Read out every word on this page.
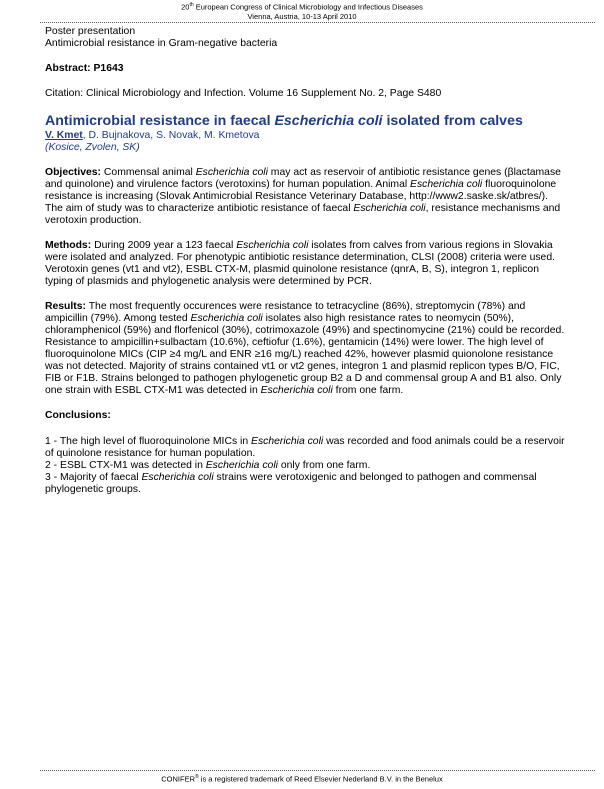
20th European Congress of Clinical Microbiology and Infectious Diseases
Vienna, Austria, 10-13 April 2010

Poster presentation

Antimicrobial resistance in Gram-negative bacteria

Abstract: P1643

Citation: Clinical Microbiology and Infection. Volume 16 Supplement No. 2, Page S480

Antimicrobial resistance in faecal Escherichia coli isolated from calves

V. Kmet, D. Bujnakova, S. Novak, M. Kmetova

(Kosice, Zvolen, SK)

Objectives: Commensal animal Escherichia coli may act as reservoir of antibiotic resistance genes (βlactamase and quinolone) and virulence factors (verotoxins) for human population. Animal Escherichia coli fluoroquinolone resistance is increasing (Slovak Antimicrobial Resistance Veterinary Database, http://www2.saske.sk/atbres/). The aim of study was to characterize antibiotic resistance of faecal Escherichia coli, resistance mechanisms and verotoxin production.

Methods: During 2009 year a 123 faecal Escherichia coli isolates from calves from various regions in Slovakia were isolated and analyzed. For phenotypic antibiotic resistance determination, CLSI (2008) criteria were used. Verotoxin genes (vt1 and vt2), ESBL CTX-M, plasmid quinolone resistance (qnrA, B, S), integron 1, replicon typing of plasmids and phylogenetic analysis were determined by PCR.

Results: The most frequently occurences were resistance to tetracycline (86%), streptomycin (78%) and ampicillin (79%). Among tested Escherichia coli isolates also high resistance rates to neomycin (50%), chloramphenicol (59%) and florfenicol (30%), cotrimoxazole (49%) and spectinomycine (21%) could be recorded. Resistance to ampicillin+sulbactam (10.6%), ceftiofur (1.6%), gentamicin (14%) were lower. The high level of fluoroquinolone MICs (CIP ≥4 mg/L and ENR ≥16 mg/L) reached 42%, however plasmid quionolone resistance was not detected. Majority of strains contained vt1 or vt2 genes, integron 1 and plasmid replicon types B/O, FIC, FIB or F1B. Strains belonged to pathogen phylogenetic group B2 a D and commensal group A and B1 also. Only one strain with ESBL CTX-M1 was detected in Escherichia coli from one farm.

Conclusions:

1 - The high level of fluoroquinolone MICs in Escherichia coli was recorded and food animals could be a reservoir of quinolone resistance for human population.

2 - ESBL CTX-M1 was detected in Escherichia coli only from one farm.

3 - Majority of faecal Escherichia coli strains were verotoxigenic and belonged to pathogen and commensal phylogenetic groups.

CONIFER® is a registered trademark of Reed Elsevier Nederland B.V. in the Benelux
